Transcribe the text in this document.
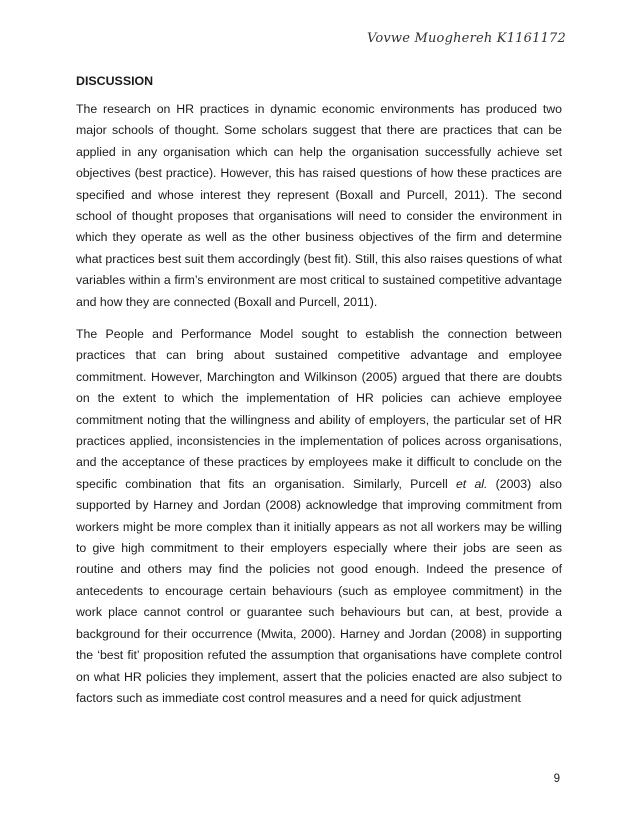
Vovwe Muoghereh K1161172
DISCUSSION

The research on HR practices in dynamic economic environments has produced two major schools of thought. Some scholars suggest that there are practices that can be applied in any organisation which can help the organisation successfully achieve set objectives (best practice). However, this has raised questions of how these practices are specified and whose interest they represent (Boxall and Purcell, 2011). The second school of thought proposes that organisations will need to consider the environment in which they operate as well as the other business objectives of the firm and determine what practices best suit them accordingly (best fit). Still, this also raises questions of what variables within a firm’s environment are most critical to sustained competitive advantage and how they are connected (Boxall and Purcell, 2011).

The People and Performance Model sought to establish the connection between practices that can bring about sustained competitive advantage and employee commitment. However, Marchington and Wilkinson (2005) argued that there are doubts on the extent to which the implementation of HR policies can achieve employee commitment noting that the willingness and ability of employers, the particular set of HR practices applied, inconsistencies in the implementation of polices across organisations, and the acceptance of these practices by employees make it difficult to conclude on the specific combination that fits an organisation. Similarly, Purcell et al. (2003) also supported by Harney and Jordan (2008) acknowledge that improving commitment from workers might be more complex than it initially appears as not all workers may be willing to give high commitment to their employers especially where their jobs are seen as routine and others may find the policies not good enough. Indeed the presence of antecedents to encourage certain behaviours (such as employee commitment) in the work place cannot control or guarantee such behaviours but can, at best, provide a background for their occurrence (Mwita, 2000). Harney and Jordan (2008) in supporting the ‘best fit’ proposition refuted the assumption that organisations have complete control on what HR policies they implement, assert that the policies enacted are also subject to factors such as immediate cost control measures and a need for quick adjustment

9
